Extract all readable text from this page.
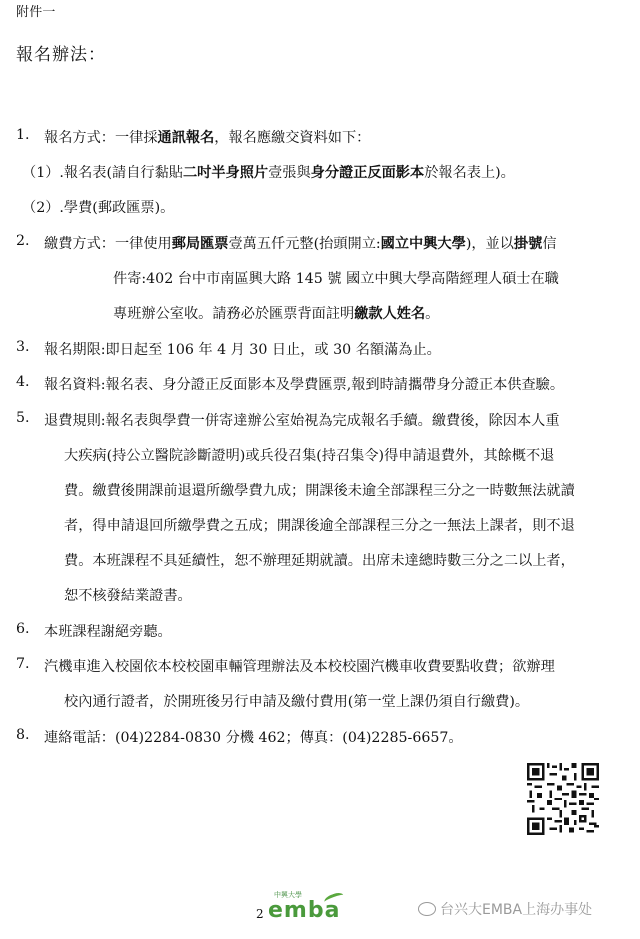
附件一
報名辦法：
1. 報名方式：一律採通訊報名，報名應繳交資料如下：
（1）.報名表(請自行黏貼二吋半身照片壹張與身分證正反面影本於報名表上)。
（2）.學費(郵政匯票)。
2. 繳費方式：一律使用郵局匯票壹萬五仟元整(抬頭開立:國立中興大學)，並以掛號信
件寄:402 台中市南區興大路 145 號 國立中興大學高階經理人碩士在職
專班辦公室收。請務必於匯票背面註明繳款人姓名。
3. 報名期限:即日起至 106 年 4 月 30 日止，或 30 名額滿為止。
4. 報名資料:報名表、身分證正反面影本及學費匯票,報到時請攜帶身分證正本供查驗。
5. 退費規則:報名表與學費一併寄達辦公室始視為完成報名手續。繳費後，除因本人重
大疾病(持公立醫院診斷證明)或兵役召集(持召集令)得申請退費外，其餘概不退
費。繳費後開課前退還所繳學費九成；開課後未逾全部課程三分之一時數無法就讀
者，得申請退回所繳學費之五成；開課後逾全部課程三分之一無法上課者，則不退
費。本班課程不具延續性，恕不辦理延期就讀。出席未達總時數三分之二以上者，
恕不核發結業證書。
6. 本班課程謝絕旁聽。
7. 汽機車進入校園依本校校園車輛管理辦法及本校校園汽機車收費要點收費；欲辦理
校內通行證者，於開班後另行申請及繳付費用(第一堂上課仍須自行繳費)。
8. 連絡電話：(04)2284-0830 分機 462；傳真：(04)2285-6657。
2
中興大學
emba	台兴大EMBA上海办事处
